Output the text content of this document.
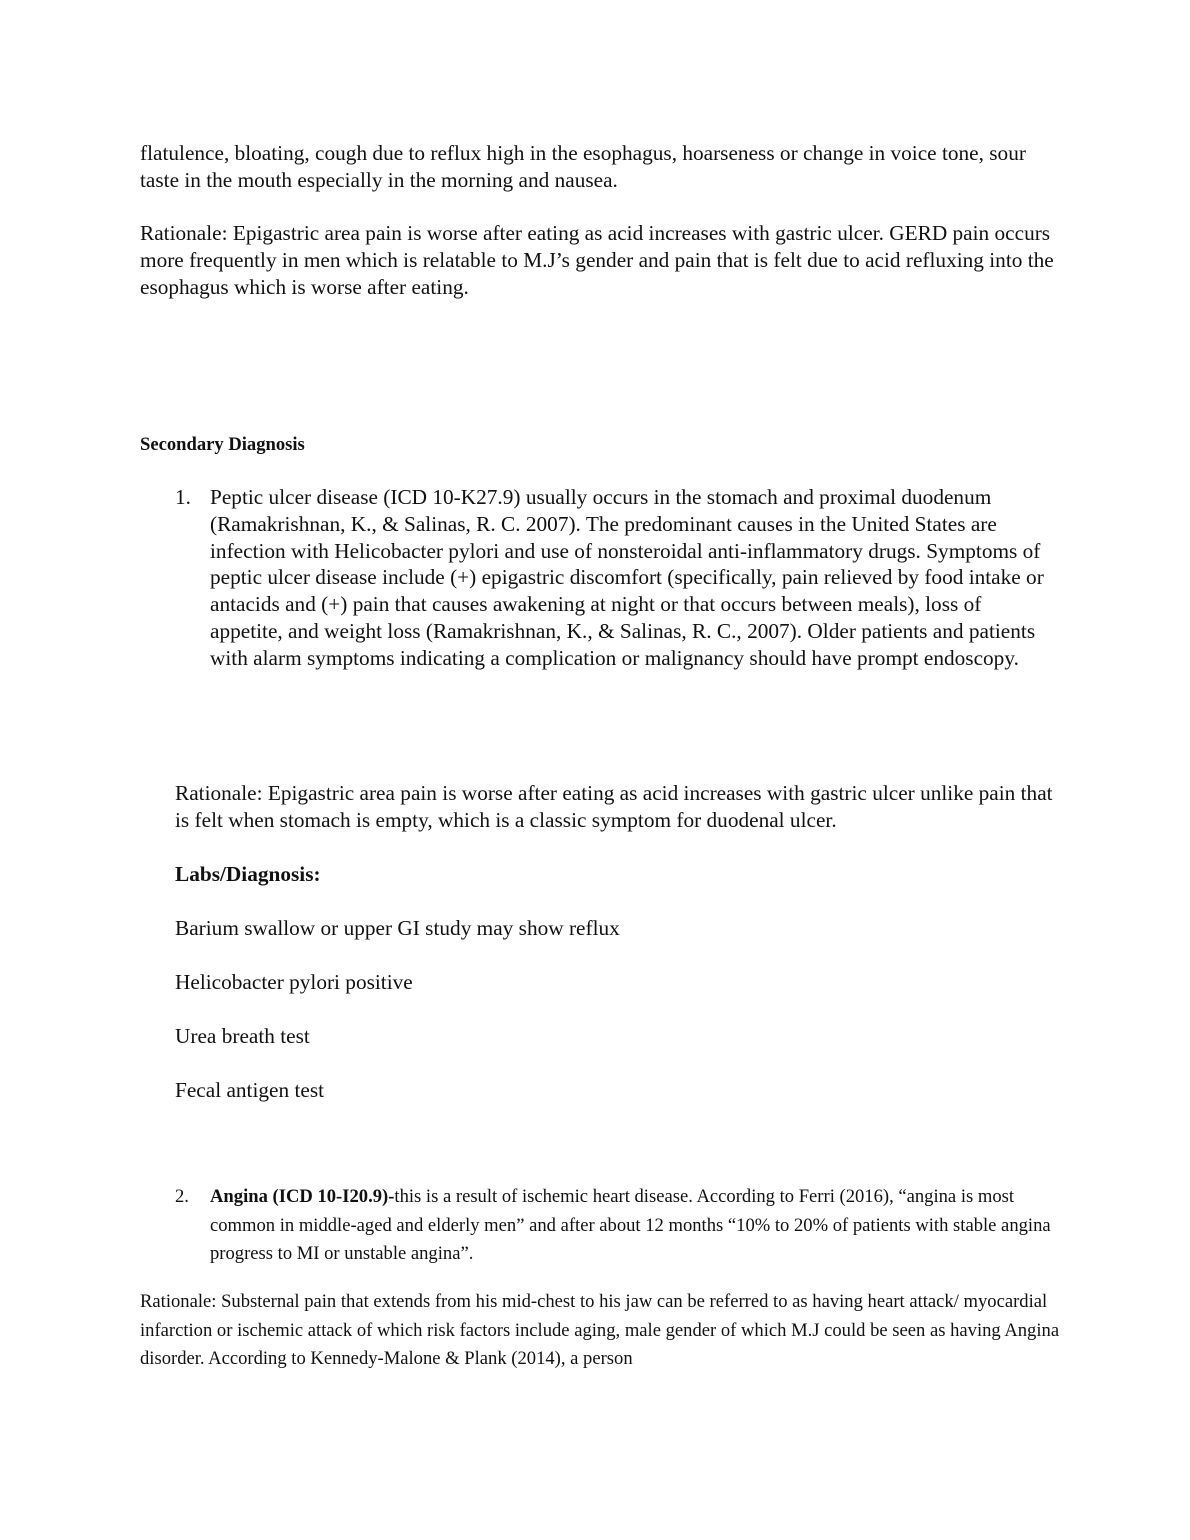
flatulence, bloating, cough due to reflux high in the esophagus, hoarseness or change in voice tone, sour taste in the mouth especially in the morning and nausea.

Rationale: Epigastric area pain is worse after eating as acid increases with gastric ulcer. GERD pain occurs more frequently in men which is relatable to M.J’s gender and pain that is felt due to acid refluxing into the esophagus which is worse after eating.

Secondary Diagnosis

1. Peptic ulcer disease (ICD 10-K27.9) usually occurs in the stomach and proximal duodenum (Ramakrishnan, K., & Salinas, R. C. 2007). The predominant causes in the United States are infection with Helicobacter pylori and use of nonsteroidal anti-inflammatory drugs. Symptoms of peptic ulcer disease include (+) epigastric discomfort (specifically, pain relieved by food intake or antacids and (+) pain that causes awakening at night or that occurs between meals), loss of appetite, and weight loss (Ramakrishnan, K., & Salinas, R. C., 2007). Older patients and patients with alarm symptoms indicating a complication or malignancy should have prompt endoscopy.

Rationale: Epigastric area pain is worse after eating as acid increases with gastric ulcer unlike pain that is felt when stomach is empty, which is a classic symptom for duodenal ulcer.

Labs/Diagnosis:

Barium swallow or upper GI study may show reflux

Helicobacter pylori positive

Urea breath test

Fecal antigen test

2. Angina (ICD 10-I20.9)-this is a result of ischemic heart disease. According to Ferri (2016), “angina is most common in middle-aged and elderly men” and after about 12 months “10% to 20% of patients with stable angina progress to MI or unstable angina”.

Rationale: Substernal pain that extends from his mid-chest to his jaw can be referred to as having heart attack/ myocardial infarction or ischemic attack of which risk factors include aging, male gender of which M.J could be seen as having Angina disorder. According to Kennedy-Malone & Plank (2014), a person
